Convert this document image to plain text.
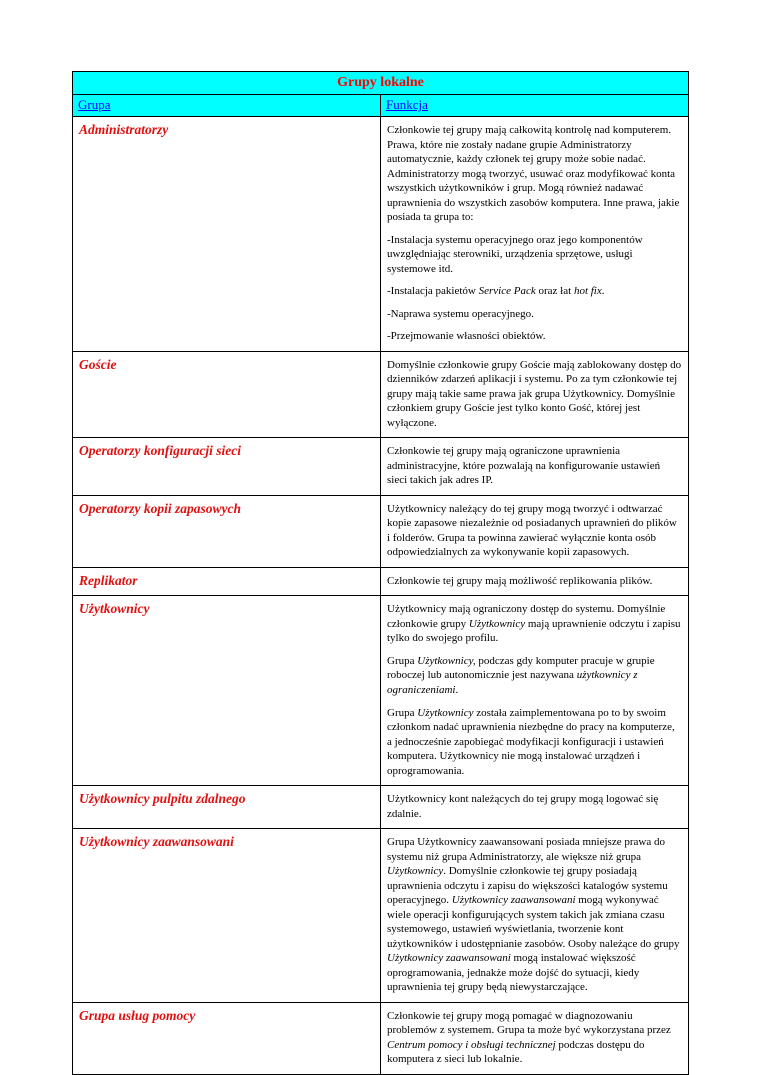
Grupy lokalne	
Grupa	Funkcja
Administratorzy	Członkowie tej grupy mają całkowitą kontrolę nad komputerem. Prawa, które nie zostały nadane grupie Administratorzy automatycznie, każdy członek tej grupy może sobie nadać. Administratorzy mogą tworzyć, usuwać oraz modyfikować konta wszystkich użytkowników i grup. Mogą również nadawać uprawnienia do wszystkich zasobów komputera. Inne prawa, jakie posiada ta grupa to:

-Instalacja systemu operacyjnego oraz jego komponentów uwzględniając sterowniki, urządzenia sprzętowe, usługi systemowe itd.

-Instalacja pakietów Service Pack oraz łat hot fix.

-Naprawa systemu operacyjnego.

-Przejmowanie własności obiektów.

Goście	Domyślnie członkowie grupy Goście mają zablokowany dostęp do dzienników zdarzeń aplikacji i systemu. Po za tym członkowie tej grupy mają takie same prawa jak grupa Użytkownicy. Domyślnie członkiem grupy Goście jest tylko konto Gość, której jest wyłączone.

Operatorzy konfiguracji sieci	Członkowie tej grupy mają ograniczone uprawnienia administracyjne, które pozwalają na konfigurowanie ustawień sieci takich jak adres IP.

Operatorzy kopii zapasowych	Użytkownicy należący do tej grupy mogą tworzyć i odtwarzać kopie zapasowe niezależnie od posiadanych uprawnień do plików i folderów. Grupa ta powinna zawierać wyłącznie konta osób odpowiedzialnych za wykonywanie kopii zapasowych.

Replikator	Członkowie tej grupy mają możliwość replikowania plików.

Użytkownicy	Użytkownicy mają ograniczony dostęp do systemu. Domyślnie członkowie grupy Użytkownicy mają uprawnienie odczytu i zapisu tylko do swojego profilu.

Grupa Użytkownicy, podczas gdy komputer pracuje w grupie roboczej lub autonomicznie jest nazywana użytkownicy z ograniczeniami.

Grupa Użytkownicy została zaimplementowana po to by swoim członkom nadać uprawnienia niezbędne do pracy na komputerze, a jednocześnie zapobiegać modyfikacji konfiguracji i ustawień komputera. Użytkownicy nie mogą instalować urządzeń i oprogramowania.

Użytkownicy pulpitu zdalnego	Użytkownicy kont należących do tej grupy mogą logować się zdalnie.

Użytkownicy zaawansowani	Grupa Użytkownicy zaawansowani posiada mniejsze prawa do systemu niż grupa Administratorzy, ale większe niż grupa Użytkownicy. Domyślnie członkowie tej grupy posiadają uprawnienia odczytu i zapisu do większości katalogów systemu operacyjnego. Użytkownicy zaawansowani mogą wykonywać wiele operacji konfigurujących system takich jak zmiana czasu systemowego, ustawień wyświetlania, tworzenie kont użytkowników i udostępnianie zasobów. Osoby należące do grupy Użytkownicy zaawansowani mogą instalować większość oprogramowania, jednakże może dojść do sytuacji, kiedy uprawnienia tej grupy będą niewystarczające.

Grupa usług pomocy	Członkowie tej grupy mogą pomagać w diagnozowaniu problemów z systemem. Grupa ta może być wykorzystana przez Centrum pomocy i obsługi technicznej podczas dostępu do komputera z sieci lub lokalnie.
